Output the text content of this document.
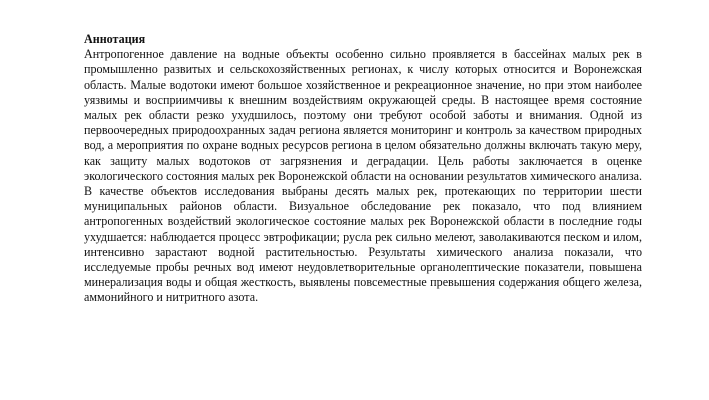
Аннотация

Антропогенное давление на водные объекты особенно сильно проявляется в бассейнах малых рек в промышленно развитых и сельскохозяйственных регионах, к числу которых относится и Воронежская область. Малые водотоки имеют большое хозяйственное и рекреационное значение, но при этом наиболее уязвимы и восприимчивы к внешним воздействиям окружающей среды. В настоящее время состояние малых рек области резко ухудшилось, поэтому они требуют особой заботы и внимания. Одной из первоочередных природоохранных задач региона является мониторинг и контроль за качеством природных вод, а мероприятия по охране водных ресурсов региона в целом обязательно должны включать такую меру, как защиту малых водотоков от загрязнения и деградации. Цель работы заключается в оценке экологического состояния малых рек Воронежской области на основании результатов химического анализа. В качестве объектов исследования выбраны десять малых рек, протекающих по территории шести муниципальных районов области. Визуальное обследование рек показало, что под влиянием антропогенных воздействий экологическое состояние малых рек Воронежской области в последние годы ухудшается: наблюдается процесс эвтрофикации; русла рек сильно мелеют, заволакиваются песком и илом, интенсивно зарастают водной растительностью. Результаты химического анализа показали, что исследуемые пробы речных вод имеют неудовлетворительные органолептические показатели, повышена минерализация воды и общая жесткость, выявлены повсеместные превышения содержания общего железа, аммонийного и нитритного азота.
